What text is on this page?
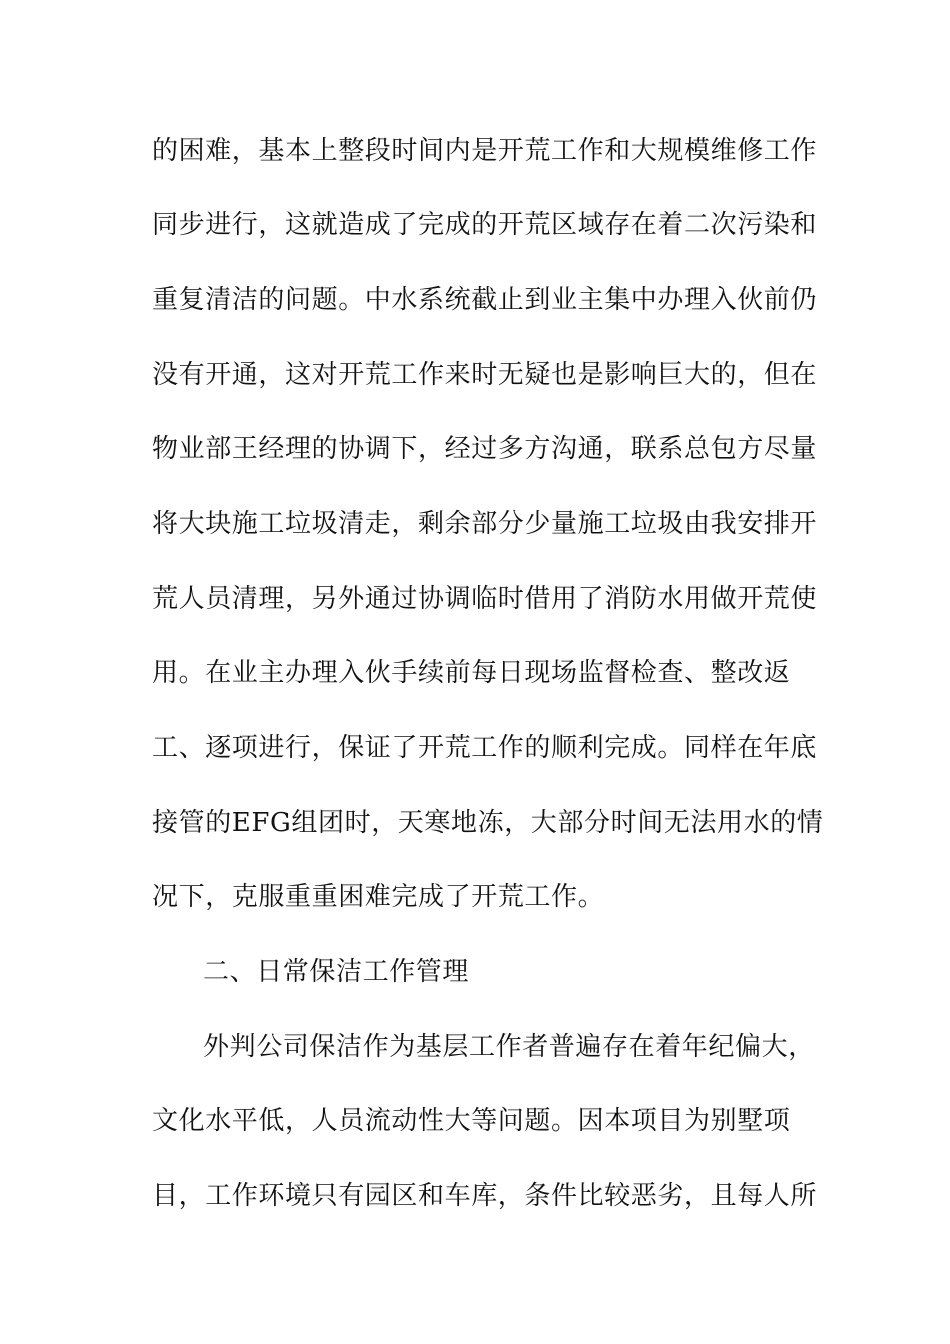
的困难，基本上整段时间内是开荒工作和大规模维修工作
同步进行，这就造成了完成的开荒区域存在着二次污染和
重复清洁的问题。中水系统截止到业主集中办理入伙前仍
没有开通，这对开荒工作来时无疑也是影响巨大的，但在
物业部王经理的协调下，经过多方沟通，联系总包方尽量
将大块施工垃圾清走，剩余部分少量施工垃圾由我安排开
荒人员清理，另外通过协调临时借用了消防水用做开荒使
用。在业主办理入伙手续前每日现场监督检查、整改返
工、逐项进行，保证了开荒工作的顺利完成。同样在年底
接管的EFG组团时，天寒地冻，大部分时间无法用水的情
况下，克服重重困难完成了开荒工作。
二、日常保洁工作管理
外判公司保洁作为基层工作者普遍存在着年纪偏大，
文化水平低，人员流动性大等问题。因本项目为别墅项
目，工作环境只有园区和车库，条件比较恶劣，且每人所
